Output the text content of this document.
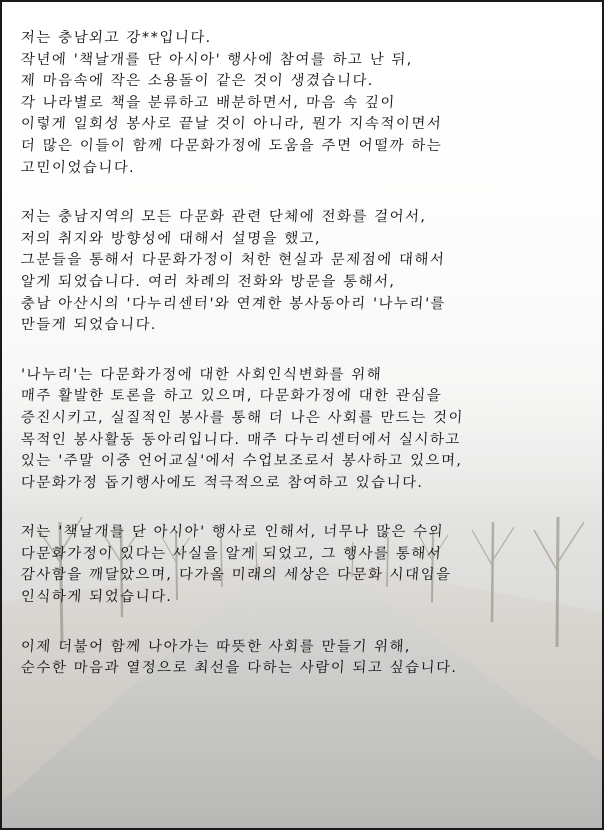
저는 충남외고 강**입니다.
작년에 '책날개를 단 아시아' 행사에 참여를 하고 난 뒤,
제 마음속에 작은 소용돌이 같은 것이 생겼습니다.
각 나라별로 책을 분류하고 배분하면서, 마음 속 깊이
이렇게 일회성 봉사로 끝날 것이 아니라, 뭔가 지속적이면서
더 많은 이들이 함께 다문화가정에 도움을 주면 어떨까 하는
고민이었습니다.
저는 충남지역의 모든 다문화 관련 단체에 전화를 걸어서,
저의 취지와 방향성에 대해서 설명을 했고,
그분들을 통해서 다문화가정이 처한 현실과 문제점에 대해서
알게 되었습니다. 여러 차례의 전화와 방문을 통해서,
충남 아산시의 '다누리센터'와 연계한 봉사동아리 '나누리'를
만들게 되었습니다.
'나누리'는 다문화가정에 대한 사회인식변화를 위해
매주 활발한 토론을 하고 있으며, 다문화가정에 대한 관심을
증진시키고, 실질적인 봉사를 통해 더 나은 사회를 만드는 것이
목적인 봉사활동 동아리입니다. 매주 다누리센터에서 실시하고
있는 '주말 이중 언어교실'에서 수업보조로서 봉사하고 있으며,
다문화가정 돕기행사에도 적극적으로 참여하고 있습니다.
저는 '책날개를 단 아시아' 행사로 인해서, 너무나 많은 수의
다문화가정이 있다는 사실을 알게 되었고, 그 행사를 통해서
감사함을 깨달았으며, 다가올 미래의 세상은 다문화 시대임을
인식하게 되었습니다.
이제 더불어 함께 나아가는 따뜻한 사회를 만들기 위해,
순수한 마음과 열정으로 최선을 다하는 사람이 되고 싶습니다.
